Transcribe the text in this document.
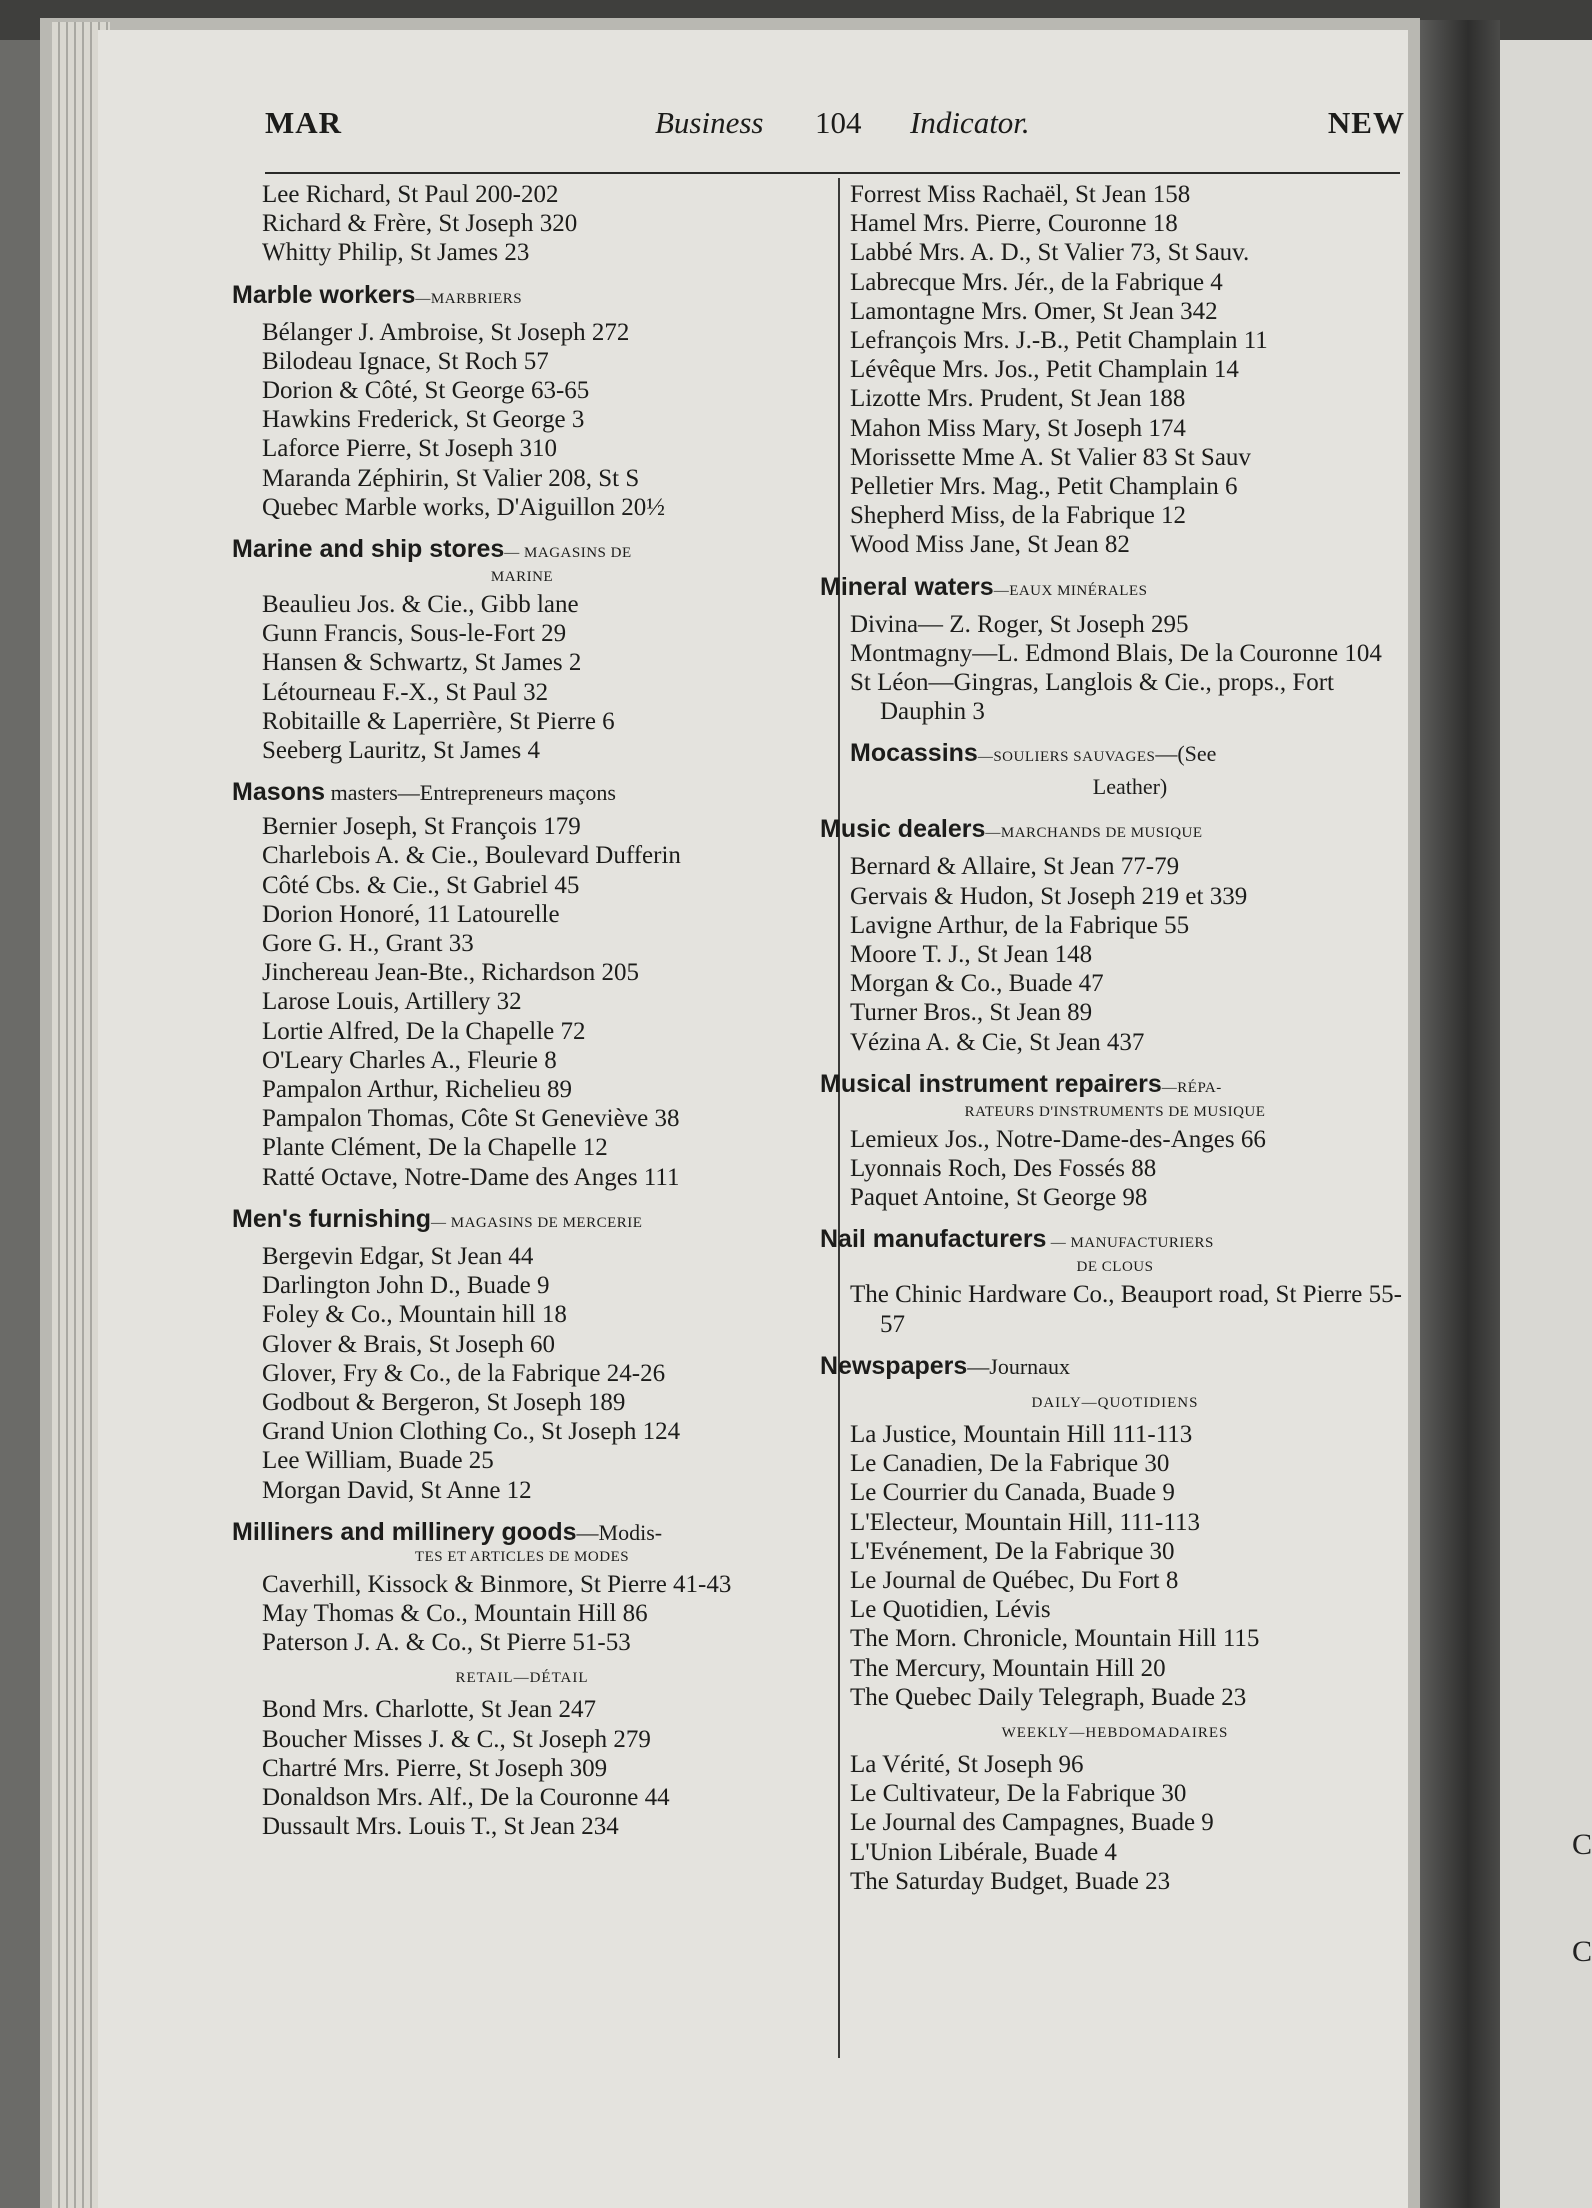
C
C
MAR	Business 104 Indicator.	NEW
Lee Richard, St Paul 200-202
Richard & Frère, St Joseph 320
Whitty Philip, St James 23
Marble workers—MARBRIERS
Bélanger J. Ambroise, St Joseph 272
Bilodeau Ignace, St Roch 57
Dorion & Côté, St George 63-65
Hawkins Frederick, St George 3
Laforce Pierre, St Joseph 310
Maranda Zéphirin, St Valier 208, St S
Quebec Marble works, D'Aiguillon 20½
Marine and ship stores— MAGASINS DE
MARINE
Beaulieu Jos. & Cie., Gibb lane
Gunn Francis, Sous-le-Fort 29
Hansen & Schwartz, St James 2
Létourneau F.-X., St Paul 32
Robitaille & Laperrière, St Pierre 6
Seeberg Lauritz, St James 4
Masons masters—Entrepreneurs maçons
Bernier Joseph, St François 179
Charlebois A. & Cie., Boulevard Dufferin
Côté Cbs. & Cie., St Gabriel 45
Dorion Honoré, 11 Latourelle
Gore G. H., Grant 33
Jinchereau Jean-Bte., Richardson 205
Larose Louis, Artillery 32
Lortie Alfred, De la Chapelle 72
O'Leary Charles A., Fleurie 8
Pampalon Arthur, Richelieu 89
Pampalon Thomas, Côte St Geneviève 38
Plante Clément, De la Chapelle 12
Ratté Octave, Notre-Dame des Anges 111
Men's furnishing— MAGASINS DE MERCERIE
Bergevin Edgar, St Jean 44
Darlington John D., Buade 9
Foley & Co., Mountain hill 18
Glover & Brais, St Joseph 60
Glover, Fry & Co., de la Fabrique 24-26
Godbout & Bergeron, St Joseph 189
Grand Union Clothing Co., St Joseph 124
Lee William, Buade 25
Morgan David, St Anne 12
Milliners and millinery goods—Modis-
TES ET ARTICLES DE MODES
Caverhill, Kissock & Binmore, St Pierre 41-43
May Thomas & Co., Mountain Hill 86
Paterson J. A. & Co., St Pierre 51-53
RETAIL—DÉTAIL
Bond Mrs. Charlotte, St Jean 247
Boucher Misses J. & C., St Joseph 279
Chartré Mrs. Pierre, St Joseph 309
Donaldson Mrs. Alf., De la Couronne 44
Dussault Mrs. Louis T., St Jean 234
Forrest Miss Rachaël, St Jean 158
Hamel Mrs. Pierre, Couronne 18
Labbé Mrs. A. D., St Valier 73, St Sauv.
Labrecque Mrs. Jér., de la Fabrique 4
Lamontagne Mrs. Omer, St Jean 342
Lefrançois Mrs. J.-B., Petit Champlain 11
Lévêque Mrs. Jos., Petit Champlain 14
Lizotte Mrs. Prudent, St Jean 188
Mahon Miss Mary, St Joseph 174
Morissette Mme A. St Valier 83 St Sauv
Pelletier Mrs. Mag., Petit Champlain 6
Shepherd Miss, de la Fabrique 12
Wood Miss Jane, St Jean 82
Mineral waters—EAUX MINÉRALES
Divina— Z. Roger, St Joseph 295
Montmagny—L. Edmond Blais, De la Couronne 104
St Léon—Gingras, Langlois & Cie., props., Fort Dauphin 3
Mocassins—SOULIERS SAUVAGES—(See
Leather)
Music dealers—MARCHANDS DE MUSIQUE
Bernard & Allaire, St Jean 77-79
Gervais & Hudon, St Joseph 219 et 339
Lavigne Arthur, de la Fabrique 55
Moore T. J., St Jean 148
Morgan & Co., Buade 47
Turner Bros., St Jean 89
Vézina A. & Cie, St Jean 437
Musical instrument repairers—RÉPA-
RATEURS D'INSTRUMENTS DE MUSIQUE
Lemieux Jos., Notre-Dame-des-Anges 66
Lyonnais Roch, Des Fossés 88
Paquet Antoine, St George 98
Nail manufacturers — MANUFACTURIERS
DE CLOUS
The Chinic Hardware Co., Beauport road, St Pierre 55-57
Newspapers—Journaux
DAILY—QUOTIDIENS
La Justice, Mountain Hill 111-113
Le Canadien, De la Fabrique 30
Le Courrier du Canada, Buade 9
L'Electeur, Mountain Hill, 111-113
L'Evénement, De la Fabrique 30
Le Journal de Québec, Du Fort 8
Le Quotidien, Lévis
The Morn. Chronicle, Mountain Hill 115
The Mercury, Mountain Hill 20
The Quebec Daily Telegraph, Buade 23
WEEKLY—HEBDOMADAIRES
La Vérité, St Joseph 96
Le Cultivateur, De la Fabrique 30
Le Journal des Campagnes, Buade 9
L'Union Libérale, Buade 4
The Saturday Budget, Buade 23
